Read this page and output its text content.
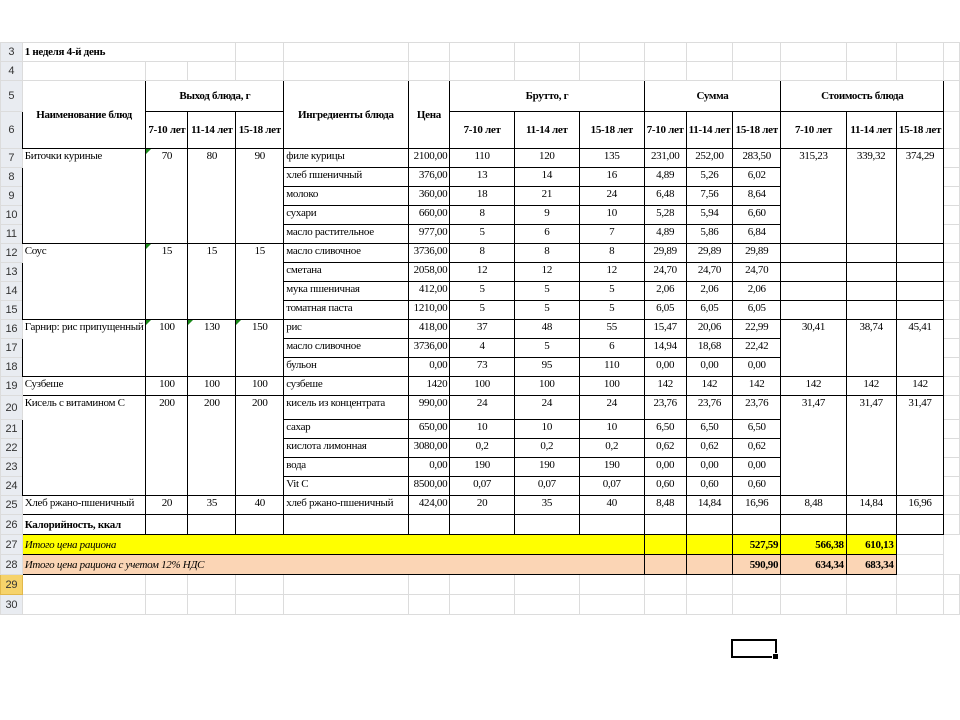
3	1 неделя 4-й день															
4																
5	Наименование блюд	Выход блюда, г			Ингредиенты блюда	Цена	Брутто, г			Сумма			Стоимость блюда			
6		7-10 лет	11-14 лет	15-18 лет			7-10 лет	11-14 лет	15-18 лет	7-10 лет	11-14 лет	15-18 лет	7-10 лет	11-14 лет	15-18 лет	
7	Биточки куриные	70	80	90	филе курицы	2100,00	110	120	135	231,00	252,00	283,50	315,23	339,32	374,29	
8					хлеб пшеничный	376,00	13	14	16	4,89	5,26	6,02				
9					молоко	360,00	18	21	24	6,48	7,56	8,64				
10					сухари	660,00	8	9	10	5,28	5,94	6,60				
11					масло растительное	977,00	5	6	7	4,89	5,86	6,84				
12	Соус	15	15	15	масло сливочное	3736,00	8	8	8	29,89	29,89	29,89				
13					сметана	2058,00	12	12	12	24,70	24,70	24,70				
14					мука пшеничная	412,00	5	5	5	2,06	2,06	2,06				
15					томатная паста	1210,00	5	5	5	6,05	6,05	6,05				
16	Гарнир: рис припущенный	100	130	150	рис	418,00	37	48	55	15,47	20,06	22,99	30,41	38,74	45,41	
17					масло сливочное	3736,00	4	5	6	14,94	18,68	22,42				
18					бульон	0,00	73	95	110	0,00	0,00	0,00				
19	Сузбеше	100	100	100	сузбеше	1420	100	100	100	142	142	142	142	142	142	
20	Кисель с витамином С	200	200	200	кисель из концентрата	990,00	24	24	24	23,76	23,76	23,76	31,47	31,47	31,47	
21					сахар	650,00	10	10	10	6,50	6,50	6,50				
22					кислота лимонная	3080,00	0,2	0,2	0,2	0,62	0,62	0,62				
23					вода	0,00	190	190	190	0,00	0,00	0,00				
24					Vit C	8500,00	0,07	0,07	0,07	0,60	0,60	0,60				
25	Хлеб ржано-пшеничный	20	35	40	хлеб ржано-пшеничный	424,00	20	35	40	8,48	14,84	16,96	8,48	14,84	16,96	
26	Калорийность, ккал															
27	Итого цена рациона											527,59	566,38	610,13		
28	Итого цена рациона с учетом 12% НДС											590,90	634,34	683,34		
29																
30																
